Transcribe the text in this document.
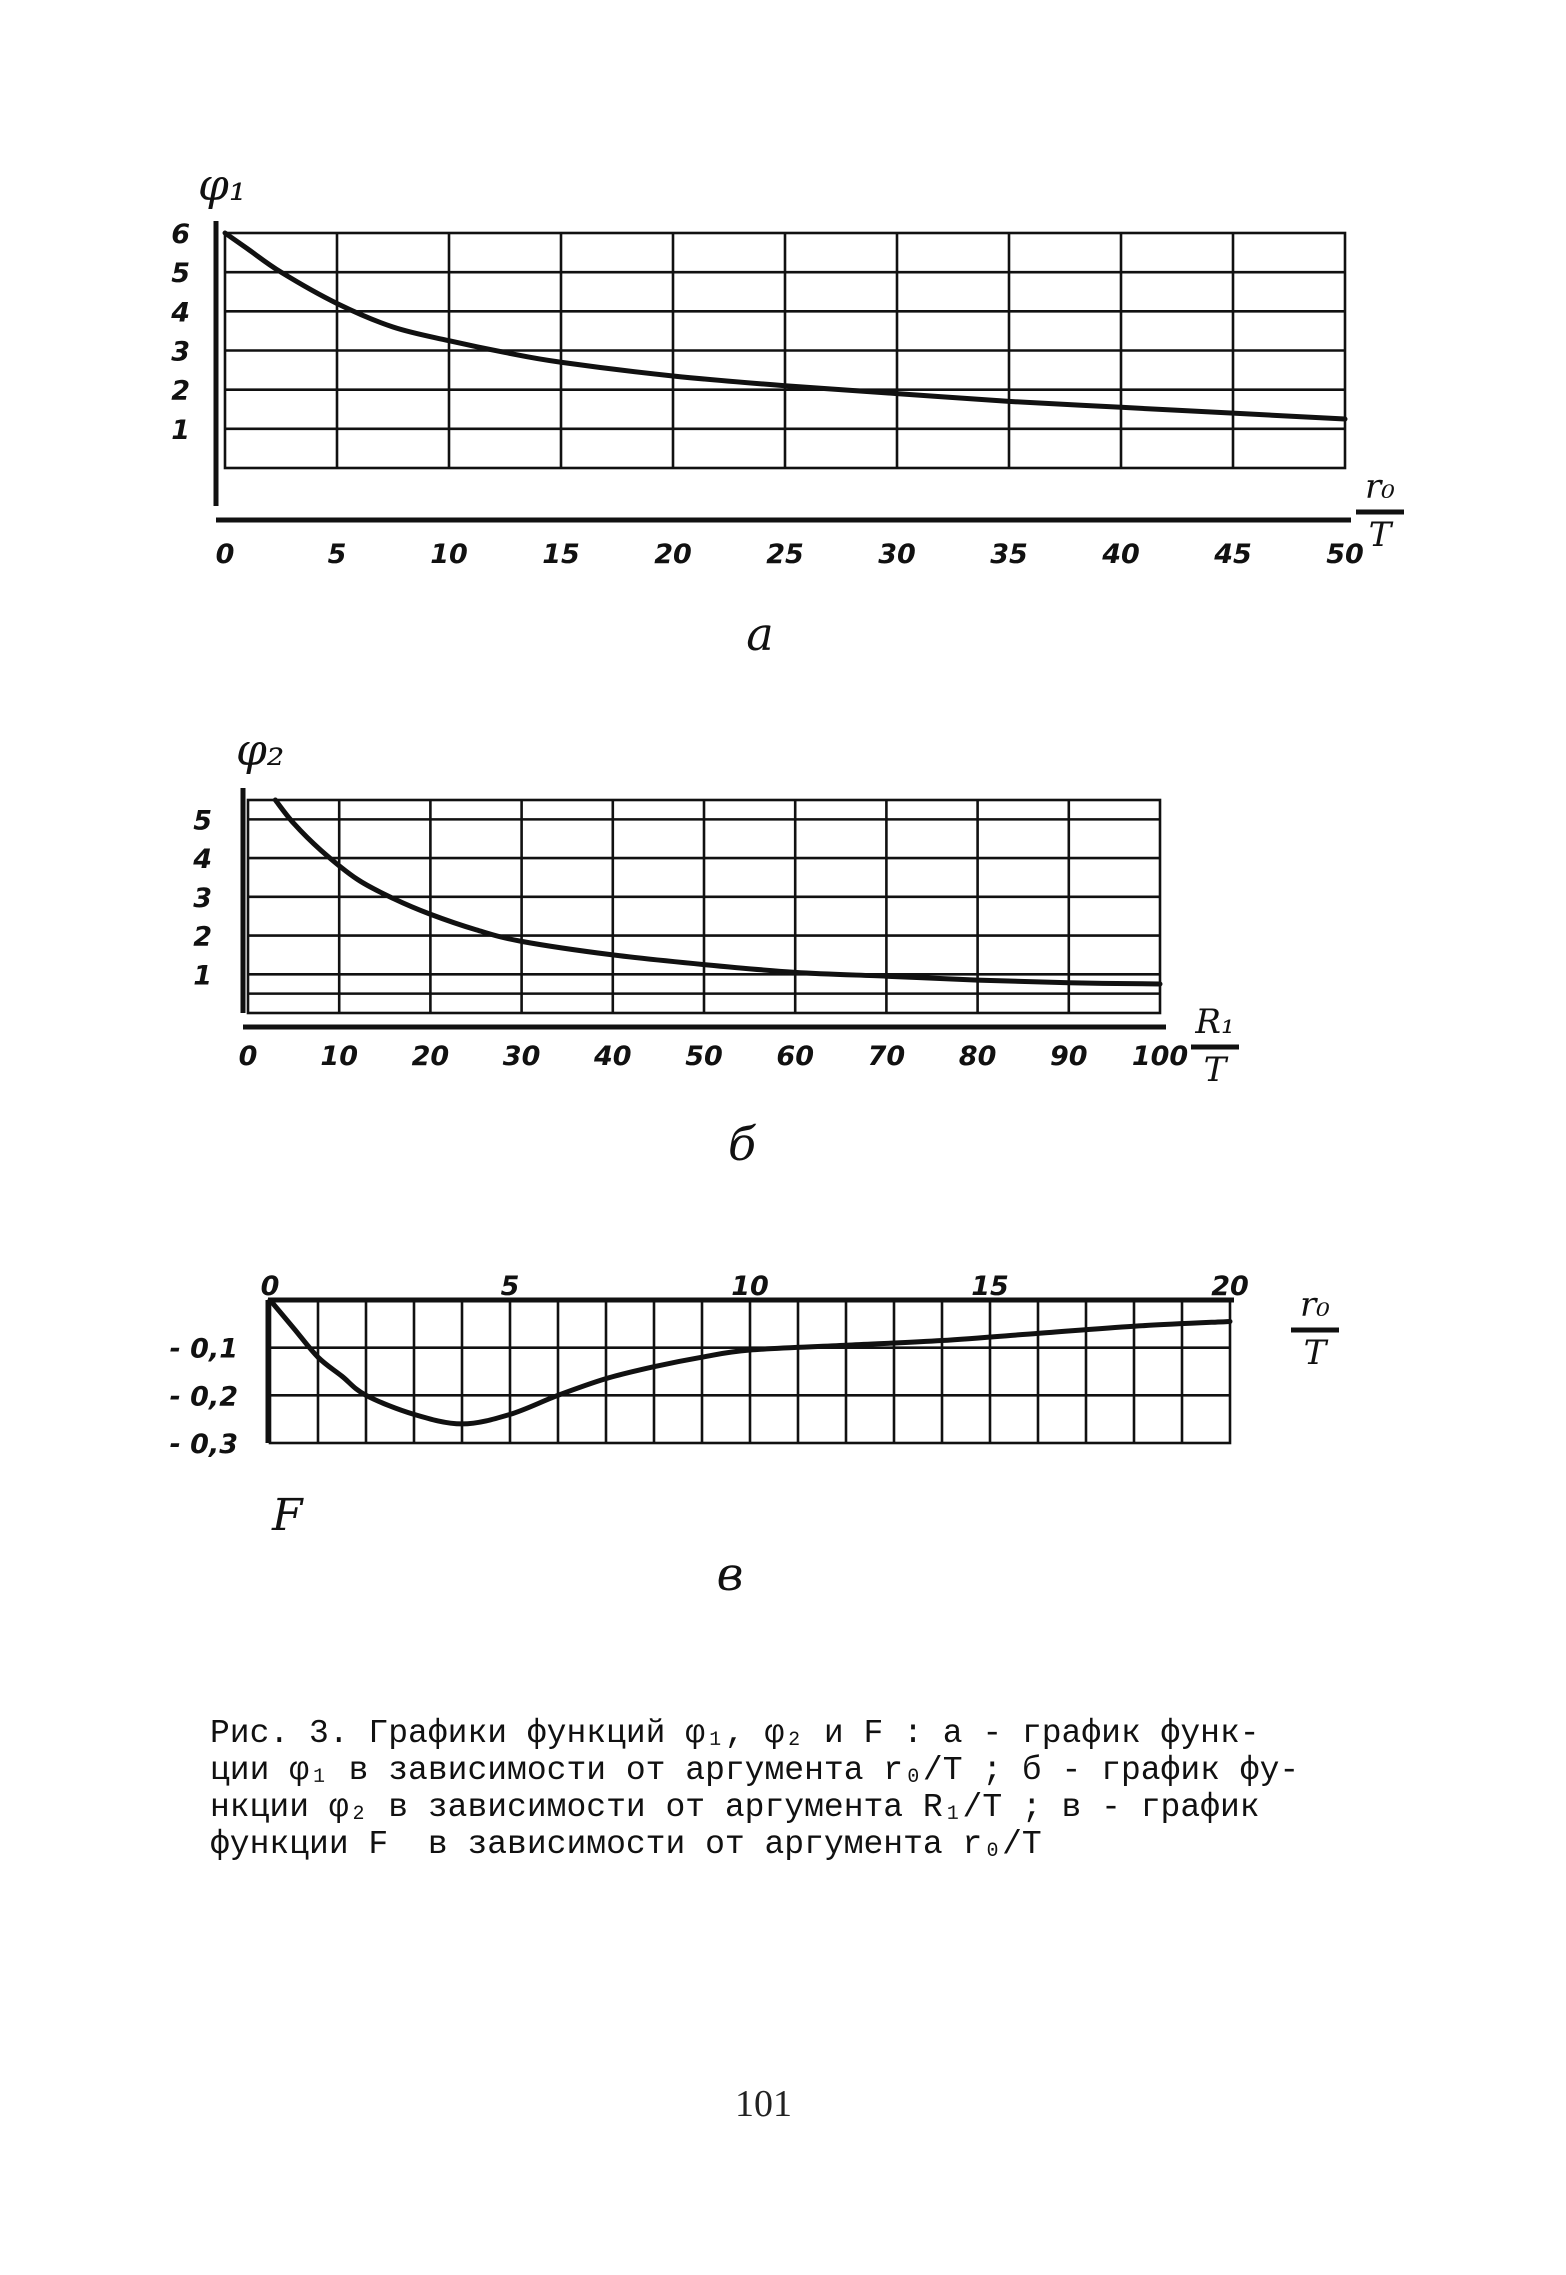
0	5	10	15	20	25	30	35	40	45	50
6
5
4
3
2
1
φ₁
r₀
T
а
0 10 20 30 40 50 60 70 80 90 100
5
4
3
2
1
φ₂
R₁
T
б
0	5	10	15	20
- 0,1
- 0,2
- 0,3
F
r₀
T
в

Рис. 3. Графики функций φ₁, φ₂ и F : а - график функ-
ции φ₁ в зависимости от аргумента r₀/T ; б - график фу-
нкции φ₂ в зависимости от аргумента R₁/T ; в - график
функции F  в зависимости от аргумента r₀/T

101
